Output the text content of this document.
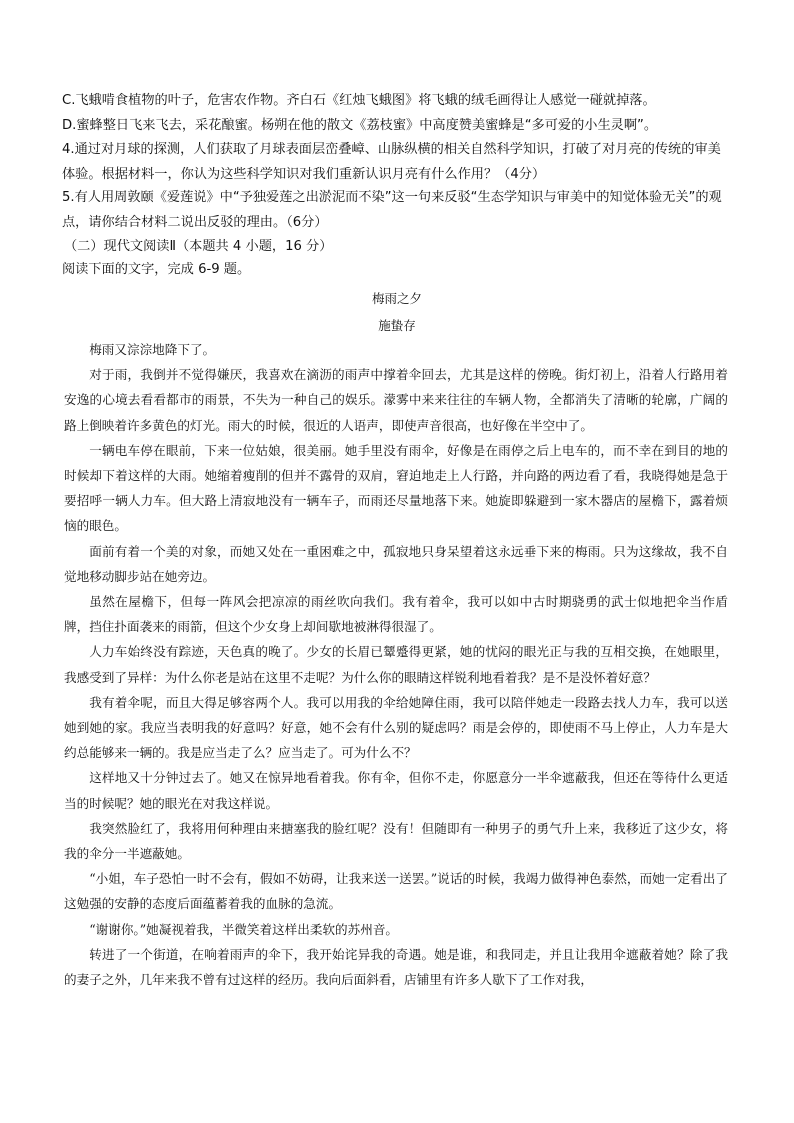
C.飞蛾啃食植物的叶子，危害农作物。齐白石《红烛飞蛾图》将飞蛾的绒毛画得让人感觉一碰就掉落。

D.蜜蜂整日飞来飞去，采花酿蜜。杨朔在他的散文《荔枝蜜》中高度赞美蜜蜂是“多可爱的小生灵啊”。

4.通过对月球的探测，人们获取了月球表面层峦叠嶂、山脉纵横的相关自然科学知识，打破了对月亮的传统的审美体验。根据材料一，你认为这些科学知识对我们重新认识月亮有什么作用？（4分）

5.有人用周敦颐《爱莲说》中“予独爱莲之出淤泥而不染”这一句来反驳“生态学知识与审美中的知觉体验无关”的观点，请你结合材料二说出反驳的理由。（6分）

（二）现代文阅读Ⅱ（本题共 4 小题，16 分）

阅读下面的文字，完成 6-9 题。

梅雨之夕
施蛰存

梅雨又淙淙地降下了。

对于雨，我倒并不觉得嫌厌，我喜欢在滴沥的雨声中撑着伞回去，尤其是这样的傍晚。街灯初上，沿着人行路用着安逸的心境去看看都市的雨景，不失为一种自己的娱乐。濛雾中来来往往的车辆人物，全都消失了清晰的轮廓，广阔的路上倒映着许多黄色的灯光。雨大的时候，很近的人语声，即使声音很高，也好像在半空中了。

一辆电车停在眼前，下来一位姑娘，很美丽。她手里没有雨伞，好像是在雨停之后上电车的，而不幸在到目的地的时候却下着这样的大雨。她缩着瘦削的但并不露骨的双肩，窘迫地走上人行路，并向路的两边看了看，我晓得她是急于要招呼一辆人力车。但大路上清寂地没有一辆车子，而雨还尽量地落下来。她旋即躲避到一家木器店的屋檐下，露着烦恼的眼色。

面前有着一个美的对象，而她又处在一重困难之中，孤寂地只身呆望着这永远垂下来的梅雨。只为这缘故，我不自觉地移动脚步站在她旁边。

虽然在屋檐下，但每一阵风会把凉凉的雨丝吹向我们。我有着伞，我可以如中古时期骁勇的武士似地把伞当作盾牌，挡住扑面袭来的雨箭，但这个少女身上却间歇地被淋得很湿了。

人力车始终没有踪迹，天色真的晚了。少女的长眉已颦蹙得更紧，她的忧闷的眼光正与我的互相交换，在她眼里，我感受到了异样：为什么你老是站在这里不走呢？为什么你的眼睛这样锐利地看着我？是不是没怀着好意？

我有着伞呢，而且大得足够容两个人。我可以用我的伞给她障住雨，我可以陪伴她走一段路去找人力车，我可以送她到她的家。我应当表明我的好意吗？好意，她不会有什么别的疑虑吗？雨是会停的，即使雨不马上停止，人力车是大约总能够来一辆的。我是应当走了么？应当走了。可为什么不？

这样地又十分钟过去了。她又在惊异地看着我。你有伞，但你不走，你愿意分一半伞遮蔽我，但还在等待什么更适当的时候呢？她的眼光在对我这样说。

我突然脸红了，我将用何种理由来搪塞我的脸红呢？没有！但随即有一种男子的勇气升上来，我移近了这少女，将我的伞分一半遮蔽她。

“小姐，车子恐怕一时不会有，假如不妨碍，让我来送一送罢。”说话的时候，我竭力做得神色泰然，而她一定看出了这勉强的安静的态度后面蕴蓄着我的血脉的急流。

“谢谢你。”她凝视着我，半微笑着这样出柔软的苏州音。

转进了一个街道，在响着雨声的伞下，我开始诧异我的奇遇。她是谁，和我同走，并且让我用伞遮蔽着她？除了我的妻子之外，几年来我不曾有过这样的经历。我向后面斜看，店铺里有许多人歇下了工作对我，
